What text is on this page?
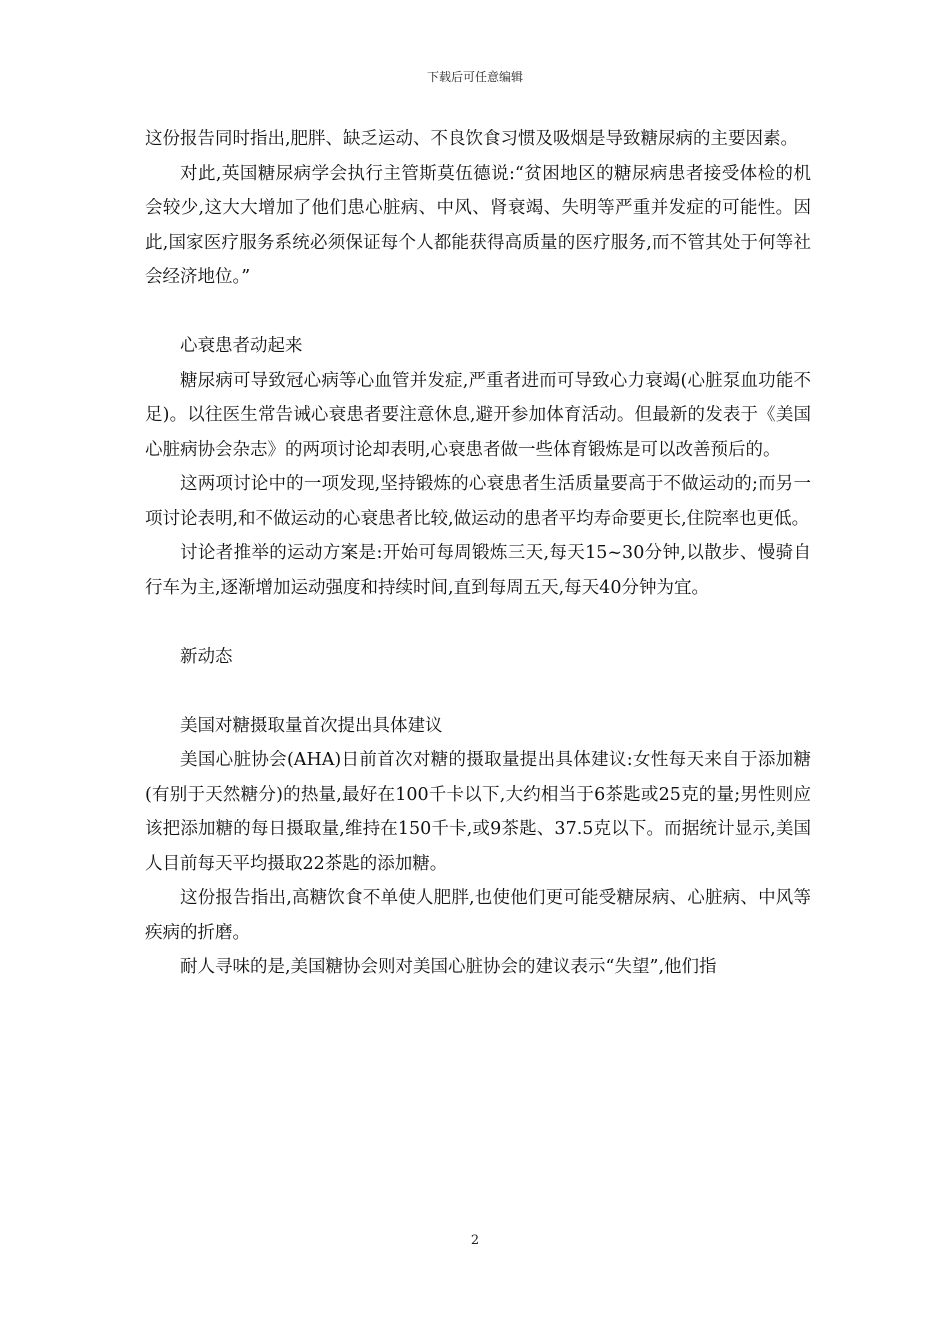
下载后可任意编辑

这份报告同时指出,肥胖、缺乏运动、不良饮食习惯及吸烟是导致糖尿病的主要因素。

对此,英国糖尿病学会执行主管斯莫伍德说:“贫困地区的糖尿病患者接受体检的机会较少,这大大增加了他们患心脏病、中风、肾衰竭、失明等严重并发症的可能性。因此,国家医疗服务系统必须保证每个人都能获得高质量的医疗服务,而不管其处于何等社会经济地位。”

心衰患者动起来

糖尿病可导致冠心病等心血管并发症,严重者进而可导致心力衰竭(心脏泵血功能不足)。以往医生常告诫心衰患者要注意休息,避开参加体育活动。但最新的发表于《美国心脏病协会杂志》的两项讨论却表明,心衰患者做一些体育锻炼是可以改善预后的。

这两项讨论中的一项发现,坚持锻炼的心衰患者生活质量要高于不做运动的;而另一项讨论表明,和不做运动的心衰患者比较,做运动的患者平均寿命要更长,住院率也更低。

讨论者推举的运动方案是:开始可每周锻炼三天,每天15~30分钟,以散步、慢骑自行车为主,逐渐增加运动强度和持续时间,直到每周五天,每天40分钟为宜。

新动态

美国对糖摄取量首次提出具体建议

美国心脏协会(AHA)日前首次对糖的摄取量提出具体建议:女性每天来自于添加糖(有别于天然糖分)的热量,最好在100千卡以下,大约相当于6茶匙或25克的量;男性则应该把添加糖的每日摄取量,维持在150千卡,或9茶匙、37.5克以下。而据统计显示,美国人目前每天平均摄取22茶匙的添加糖。

这份报告指出,高糖饮食不单使人肥胖,也使他们更可能受糖尿病、心脏病、中风等疾病的折磨。

耐人寻味的是,美国糖协会则对美国心脏协会的建议表示“失望”,他们指

2
